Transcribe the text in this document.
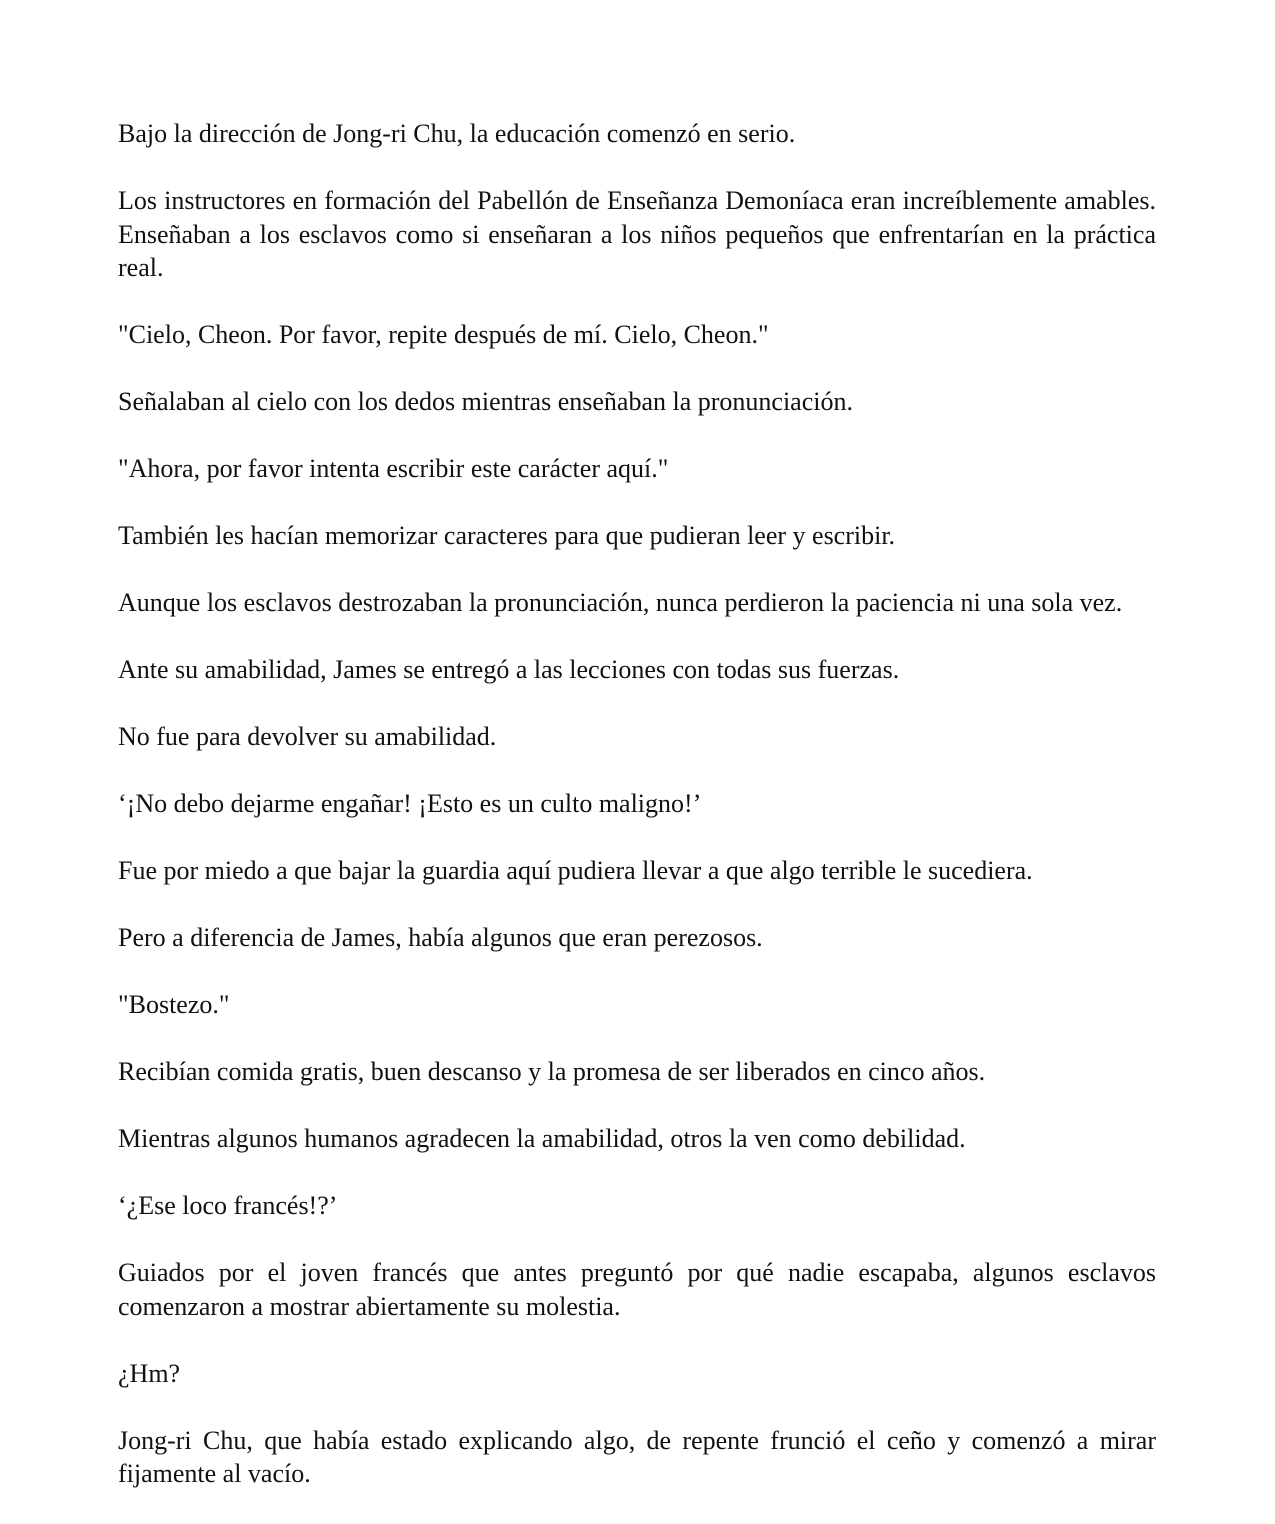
Bajo la dirección de Jong-ri Chu, la educación comenzó en serio.

Los instructores en formación del Pabellón de Enseñanza Demoníaca eran increíblemente amables. Enseñaban a los esclavos como si enseñaran a los niños pequeños que enfrentarían en la práctica real.

"Cielo, Cheon. Por favor, repite después de mí. Cielo, Cheon."

Señalaban al cielo con los dedos mientras enseñaban la pronunciación.

"Ahora, por favor intenta escribir este carácter aquí."

También les hacían memorizar caracteres para que pudieran leer y escribir.

Aunque los esclavos destrozaban la pronunciación, nunca perdieron la paciencia ni una sola vez.

Ante su amabilidad, James se entregó a las lecciones con todas sus fuerzas.

No fue para devolver su amabilidad.

‘¡No debo dejarme engañar! ¡Esto es un culto maligno!’

Fue por miedo a que bajar la guardia aquí pudiera llevar a que algo terrible le sucediera.

Pero a diferencia de James, había algunos que eran perezosos.

"Bostezo."

Recibían comida gratis, buen descanso y la promesa de ser liberados en cinco años.

Mientras algunos humanos agradecen la amabilidad, otros la ven como debilidad.

‘¿Ese loco francés!?’

Guiados por el joven francés que antes preguntó por qué nadie escapaba, algunos esclavos comenzaron a mostrar abiertamente su molestia.

¿Hm?

Jong-ri Chu, que había estado explicando algo, de repente frunció el ceño y comenzó a mirar fijamente al vacío.
